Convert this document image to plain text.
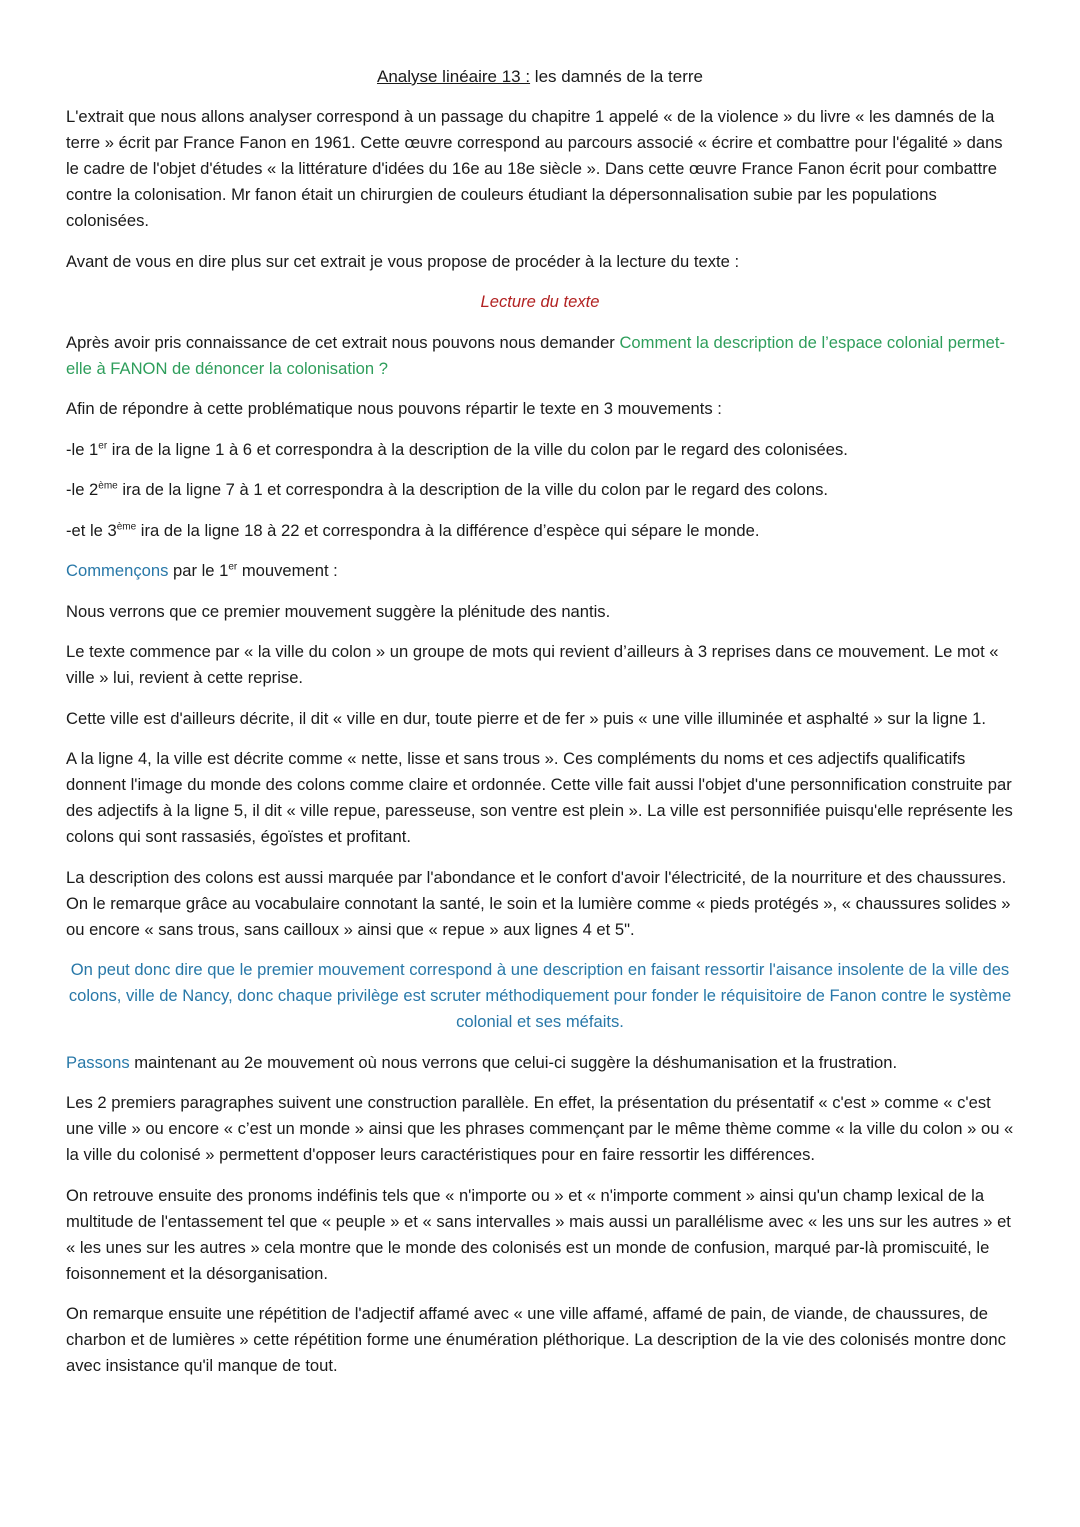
Analyse linéaire 13 : les damnés de la terre

L'extrait que nous allons analyser correspond à un passage du chapitre 1 appelé « de la violence » du livre « les damnés de la terre » écrit par France Fanon en 1961. Cette œuvre correspond au parcours associé « écrire et combattre pour l'égalité » dans le cadre de l'objet d'études « la littérature d'idées du 16e au 18e siècle ». Dans cette œuvre France Fanon écrit pour combattre contre la colonisation. Mr fanon était un chirurgien de couleurs étudiant la dépersonnalisation subie par les populations colonisées.

Avant de vous en dire plus sur cet extrait je vous propose de procéder à la lecture du texte :

Lecture du texte

Après avoir pris connaissance de cet extrait nous pouvons nous demander Comment la description de l’espace colonial permet-elle à FANON de dénoncer la colonisation ?

Afin de répondre à cette problématique nous pouvons répartir le texte en 3 mouvements :

-le 1er ira de la ligne 1 à 6 et correspondra à la description de la ville du colon par le regard des colonisées.

-le 2ème ira de la ligne 7 à 1 et correspondra à la description de la ville du colon par le regard des colons.

-et le 3ème ira de la ligne 18 à 22 et correspondra à la différence d’espèce qui sépare le monde.

Commençons par le 1er mouvement :

Nous verrons que ce premier mouvement suggère la plénitude des nantis.

Le texte commence par « la ville du colon » un groupe de mots qui revient d’ailleurs à 3 reprises dans ce mouvement. Le mot « ville » lui, revient à cette reprise.

Cette ville est d'ailleurs décrite, il dit « ville en dur, toute pierre et de fer » puis « une ville illuminée et asphalté » sur la ligne 1.

A la ligne 4, la ville est décrite comme « nette, lisse et sans trous ». Ces compléments du noms et ces adjectifs qualificatifs donnent l'image du monde des colons comme claire et ordonnée. Cette ville fait aussi l'objet d'une personnification construite par des adjectifs à la ligne 5, il dit « ville repue, paresseuse, son ventre est plein ». La ville est personnifiée puisqu'elle représente les colons qui sont rassasiés, égoïstes et profitant.

La description des colons est aussi marquée par l'abondance et le confort d'avoir l'électricité, de la nourriture et des chaussures. On le remarque grâce au vocabulaire connotant la santé, le soin et la lumière comme « pieds protégés », « chaussures solides » ou encore « sans trous, sans cailloux » ainsi que « repue » aux lignes 4 et 5".

On peut donc dire que le premier mouvement correspond à une description en faisant ressortir l'aisance insolente de la ville des colons, ville de Nancy, donc chaque privilège est scruter méthodiquement pour fonder le réquisitoire de Fanon contre le système colonial et ses méfaits.

Passons maintenant au 2e mouvement où nous verrons que celui-ci suggère la déshumanisation et la frustration.

Les 2 premiers paragraphes suivent une construction parallèle. En effet, la présentation du présentatif « c'est » comme « c'est une ville » ou encore « c’est un monde » ainsi que les phrases commençant par le même thème comme « la ville du colon » ou « la ville du colonisé » permettent d'opposer leurs caractéristiques pour en faire ressortir les différences.

On retrouve ensuite des pronoms indéfinis tels que « n'importe ou » et « n'importe comment » ainsi qu'un champ lexical de la multitude de l'entassement tel que « peuple » et « sans intervalles » mais aussi un parallélisme avec « les uns sur les autres » et « les unes sur les autres » cela montre que le monde des colonisés est un monde de confusion, marqué par-là promiscuité, le foisonnement et la désorganisation.

On remarque ensuite une répétition de l'adjectif affamé avec « une ville affamé, affamé de pain, de viande, de chaussures, de charbon et de lumières » cette répétition forme une énumération pléthorique. La description de la vie des colonisés montre donc avec insistance qu'il manque de tout.
